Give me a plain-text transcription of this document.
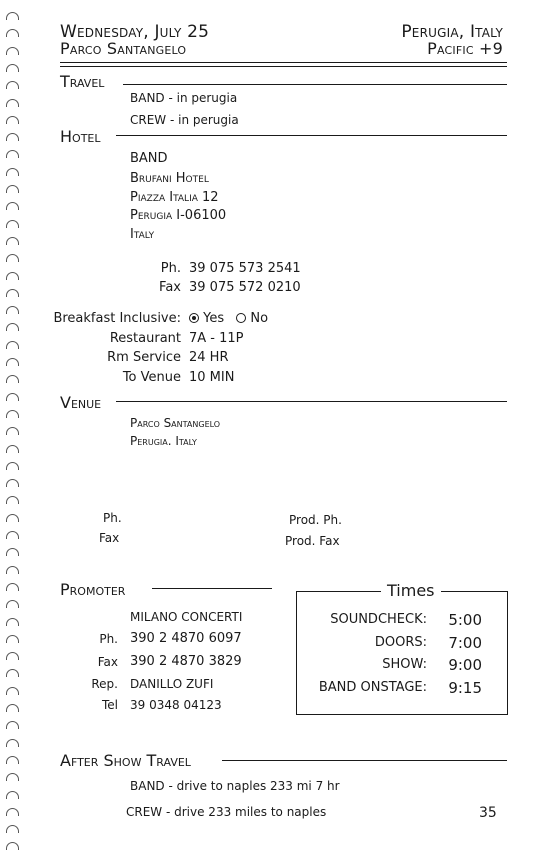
Wednesday, July 25
Parco Santangelo
Perugia, Italy
Pacific +9
Travel
BAND - in perugia
CREW - in perugia
Hotel
BAND
Brufani Hotel
Piazza Italia 12
Perugia I-06100
Italy
Ph. 39 075 573 2541
Fax 39 075 572 0210
Breakfast Inclusive:	Yes No
Restaurant 7A - 11P
Rm Service 24 HR
To Venue 10 MIN
Venue
Parco Santangelo
Perugia. Italy
Ph.
Fax
Prod. Ph.
Prod. Fax
Promoter
MILANO CONCERTI
Ph. 390 2 4870 6097
Fax 390 2 4870 3829
Rep. DANILLO ZUFI
Tel 39 0348 04123
Times
SOUNDCHECK: 5:00
DOORS: 7:00
SHOW: 9:00
BAND ONSTAGE: 9:15
After Show Travel
BAND - drive to naples 233 mi 7 hr
CREW - drive 233 miles to naples	35
